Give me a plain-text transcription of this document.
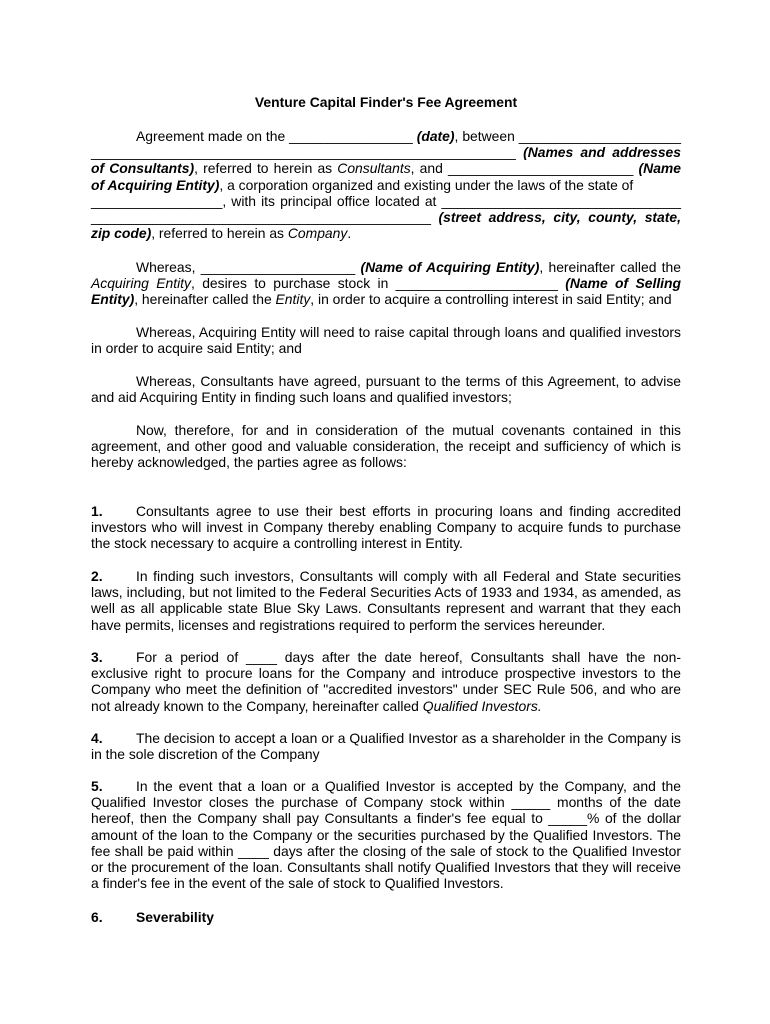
Venture Capital Finder's Fee Agreement
Agreement made on the ________________ (date), between _____________________
_______________________________________________________ (Names and addresses
of Consultants), referred to herein as Consultants, and ________________________ (Name
of Acquiring Entity), a corporation organized and existing under the laws of the state of
_________________, with its principal office located at _______________________________
____________________________________________ (street address, city, county, state,
zip code), referred to herein as Company.
Whereas, ____________________ (Name of Acquiring Entity), hereinafter called the
Acquiring Entity, desires to purchase stock in _____________________ (Name of Selling
Entity), hereinafter called the Entity, in order to acquire a controlling interest in said Entity; and
Whereas, Acquiring Entity will need to raise capital through loans and qualified investors
in order to acquire said Entity; and
Whereas, Consultants have agreed, pursuant to the terms of this Agreement, to advise
and aid Acquiring Entity in finding such loans and qualified investors;
Now, therefore, for and in consideration of the mutual covenants contained in this
agreement, and other good and valuable consideration, the receipt and sufficiency of which is
hereby acknowledged, the parties agree as follows:
1. Consultants agree to use their best efforts in procuring loans and finding accredited
investors who will invest in Company thereby enabling Company to acquire funds to purchase
the stock necessary to acquire a controlling interest in Entity.
2. In finding such investors, Consultants will comply with all Federal and State securities
laws, including, but not limited to the Federal Securities Acts of 1933 and 1934, as amended, as
well as all applicable state Blue Sky Laws. Consultants represent and warrant that they each
have permits, licenses and registrations required to perform the services hereunder.
3. For a period of ____ days after the date hereof, Consultants shall have the non-
exclusive right to procure loans for the Company and introduce prospective investors to the
Company who meet the definition of "accredited investors" under SEC Rule 506, and who are
not already known to the Company, hereinafter called Qualified Investors.
4. The decision to accept a loan or a Qualified Investor as a shareholder in the Company is
in the sole discretion of the Company
5. In the event that a loan or a Qualified Investor is accepted by the Company, and the
Qualified Investor closes the purchase of Company stock within _____ months of the date
hereof, then the Company shall pay Consultants a finder's fee equal to _____% of the dollar
amount of the loan to the Company or the securities purchased by the Qualified Investors. The
fee shall be paid within ____ days after the closing of the sale of stock to the Qualified Investor
or the procurement of the loan. Consultants shall notify Qualified Investors that they will receive
a finder's fee in the event of the sale of stock to Qualified Investors.
6. Severability
